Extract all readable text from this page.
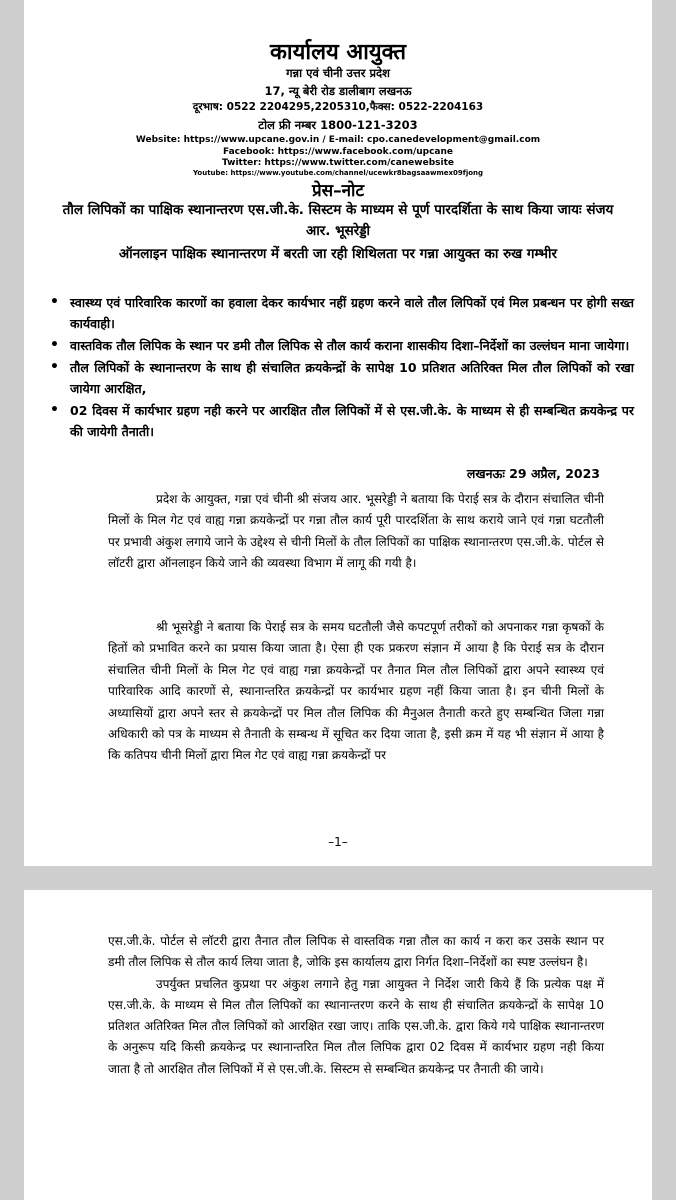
कार्यालय आयुक्त
गन्ना एवं चीनी उत्तर प्रदेश
17, न्यू बेरी रोड डालीबाग लखनऊ
दूरभाष: 0522 2204295,2205310,फैक्स: 0522-2204163
टोल फ्री नम्बर 1800-121-3203
Website: https://www.upcane.gov.in / E-mail: cpo.canedevelopment@gmail.com
Facebook: https://www.facebook.com/upcane
Twitter: https://www.twitter.com/canewebsite
Youtube: https://www.youtube.com/channel/ucewkr8bagsaawmex09fjong
प्रेस–नोट
तौल लिपिकों का पाक्षिक स्थानान्तरण एस.जी.के. सिस्टम के माध्यम से पूर्ण पारदर्शिता के साथ किया जायः संजय आर. भूसरेड्डी
ऑनलाइन पाक्षिक स्थानान्तरण में बरती जा रही शिथिलता पर गन्ना आयुक्त का रुख गम्भीर
• स्वास्थ्य एवं पारिवारिक कारणों का हवाला देकर कार्यभार नहीं ग्रहण करने वाले तौल लिपिकों एवं मिल प्रबन्धन पर होगी सख्त कार्यवाही।
• वास्तविक तौल लिपिक के स्थान पर डमी तौल लिपिक से तौल कार्य कराना शासकीय दिशा–निर्देशों का उल्लंघन माना जायेगा।
• तौल लिपिकों के स्थानान्तरण के साथ ही संचालित क्रयकेन्द्रों के सापेक्ष 10 प्रतिशत अतिरिक्त मिल तौल लिपिकों को रखा जायेगा आरक्षित,
• 02 दिवस में कार्यभार ग्रहण नही करने पर आरक्षित तौल लिपिकों में से एस.जी.के. के माध्यम से ही सम्बन्धित क्रयकेन्द्र पर की जायेगी तैनाती।
लखनऊः 29 अप्रैल, 2023
प्रदेश के आयुक्त, गन्ना एवं चीनी श्री संजय आर. भूसरेड्डी ने बताया कि पेराई सत्र के दौरान संचालित चीनी मिलों के मिल गेट एवं वाह्य गन्ना क्रयकेन्द्रों पर गन्ना तौल कार्य पूरी पारदर्शिता के साथ कराये जाने एवं गन्ना घटतौली पर प्रभावी अंकुश लगाये जाने के उद्देश्य से चीनी मिलों के तौल लिपिकों का पाक्षिक स्थानान्तरण एस.जी.के. पोर्टल से लॉटरी द्वारा ऑनलाइन किये जाने की व्यवस्था विभाग में लागू की गयी है।
श्री भूसरेड्डी ने बताया कि पेराई सत्र के समय घटतौली जैसे कपटपूर्ण तरीकों को अपनाकर गन्ना कृषकों के हितों को प्रभावित करने का प्रयास किया जाता है। ऐसा ही एक प्रकरण संज्ञान में आया है कि पेराई सत्र के दौरान संचालित चीनी मिलों के मिल गेट एवं वाह्य गन्ना क्रयकेन्द्रों पर तैनात मिल तौल लिपिकों द्वारा अपने स्वास्थ्य एवं पारिवारिक आदि कारणों से, स्थानान्तरित क्रयकेन्द्रों पर कार्यभार ग्रहण नहीं किया जाता है। इन चीनी मिलों के अध्यासियों द्वारा अपने स्तर से क्रयकेन्द्रों पर मिल तौल लिपिक की मैनुअल तैनाती करते हुए सम्बन्धित जिला गन्ना अधिकारी को पत्र के माध्यम से तैनाती के सम्बन्ध में सूचित कर दिया जाता है, इसी क्रम में यह भी संज्ञान में आया है कि कतिपय चीनी मिलों द्वारा मिल गेट एवं वाह्य गन्ना क्रयकेन्द्रों पर
–1–
एस.जी.के. पोर्टल से लॉटरी द्वारा तैनात तौल लिपिक से वास्तविक गन्ना तौल का कार्य न करा कर उसके स्थान पर डमी तौल लिपिक से तौल कार्य लिया जाता है, जोकि इस कार्यालय द्वारा निर्गत दिशा–निर्देशों का स्पष्ट उल्लंघन है।
उपर्युक्त प्रचलित कुप्रथा पर अंकुश लगाने हेतु गन्ना आयुक्त ने निर्देश जारी किये हैं कि प्रत्येक पक्ष में एस.जी.के. के माध्यम से मिल तौल लिपिकों का स्थानान्तरण करने के साथ ही संचालित क्रयकेन्द्रों के सापेक्ष 10 प्रतिशत अतिरिक्त मिल तौल लिपिकों को आरक्षित रखा जाए। ताकि एस.जी.के. द्वारा किये गये पाक्षिक स्थानान्तरण के अनुरूप यदि किसी क्रयकेन्द्र पर स्थानान्तरित मिल तौल लिपिक द्वारा 02 दिवस में कार्यभार ग्रहण नही किया जाता है तो आरक्षित तौल लिपिकों में से एस.जी.के. सिस्टम से सम्बन्धित क्रयकेन्द्र पर तैनाती की जाये।
